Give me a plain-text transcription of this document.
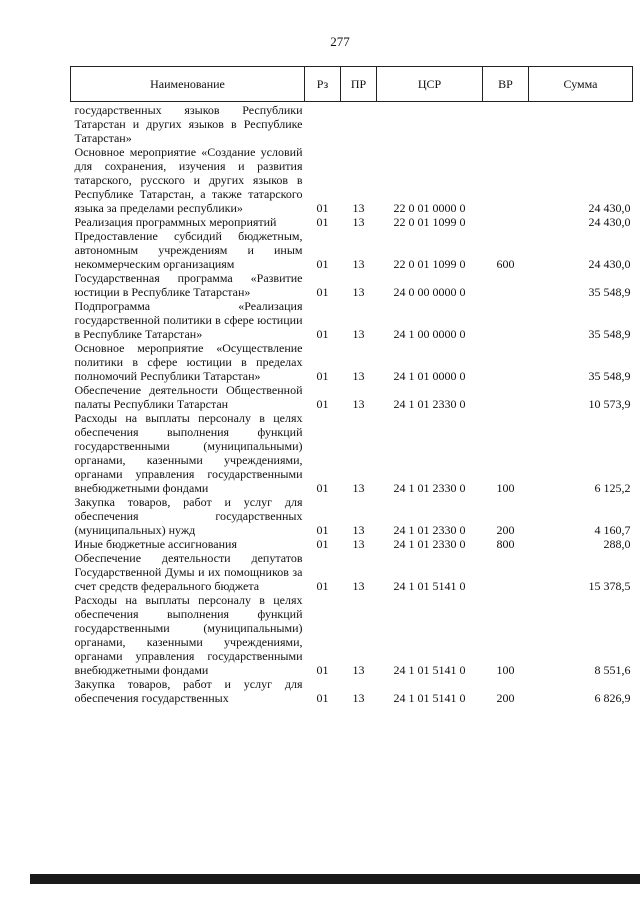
277
Наименование	Рз	ПР	ЦСР	ВР	Сумма
государственных языков Республики Татарстан и других языков в Республике Татарстан»					
Основное мероприятие «Создание условий для сохранения, изучения и развития татарского, русского и других языков в Республике Татарстан, а также татарского языка за пределами республики»	01	13	22 0 01 0000 0		24 430,0
Реализация программных мероприятий	01	13	22 0 01 1099 0		24 430,0
Предоставление субсидий бюджетным, автономным учреждениям и иным некоммерческим организациям	01	13	22 0 01 1099 0	600	24 430,0
Государственная программа «Развитие юстиции в Республике Татарстан»	01	13	24 0 00 0000 0		35 548,9
Подпрограмма «Реализация государственной политики в сфере юстиции в Республике Татарстан»	01	13	24 1 00 0000 0		35 548,9
Основное мероприятие «Осуществление политики в сфере юстиции в пределах полномочий Республики Татарстан»	01	13	24 1 01 0000 0		35 548,9
Обеспечение деятельности Общественной палаты Республики Татарстан	01	13	24 1 01 2330 0		10 573,9
Расходы на выплаты персоналу в целях обеспечения выполнения функций государственными (муниципальными) органами, казенными учреждениями, органами управления государственными внебюджетными фондами	01	13	24 1 01 2330 0	100	6 125,2
Закупка товаров, работ и услуг для обеспечения государственных (муниципальных) нужд	01	13	24 1 01 2330 0	200	4 160,7
Иные бюджетные ассигнования	01	13	24 1 01 2330 0	800	288,0
Обеспечение деятельности депутатов Государственной Думы и их помощников за счет средств федерального бюджета	01	13	24 1 01 5141 0		15 378,5
Расходы на выплаты персоналу в целях обеспечения выполнения функций государственными (муниципальными) органами, казенными учреждениями, органами управления государственными внебюджетными фондами	01	13	24 1 01 5141 0	100	8 551,6
Закупка товаров, работ и услуг для обеспечения государственных	01	13	24 1 01 5141 0	200	6 826,9
